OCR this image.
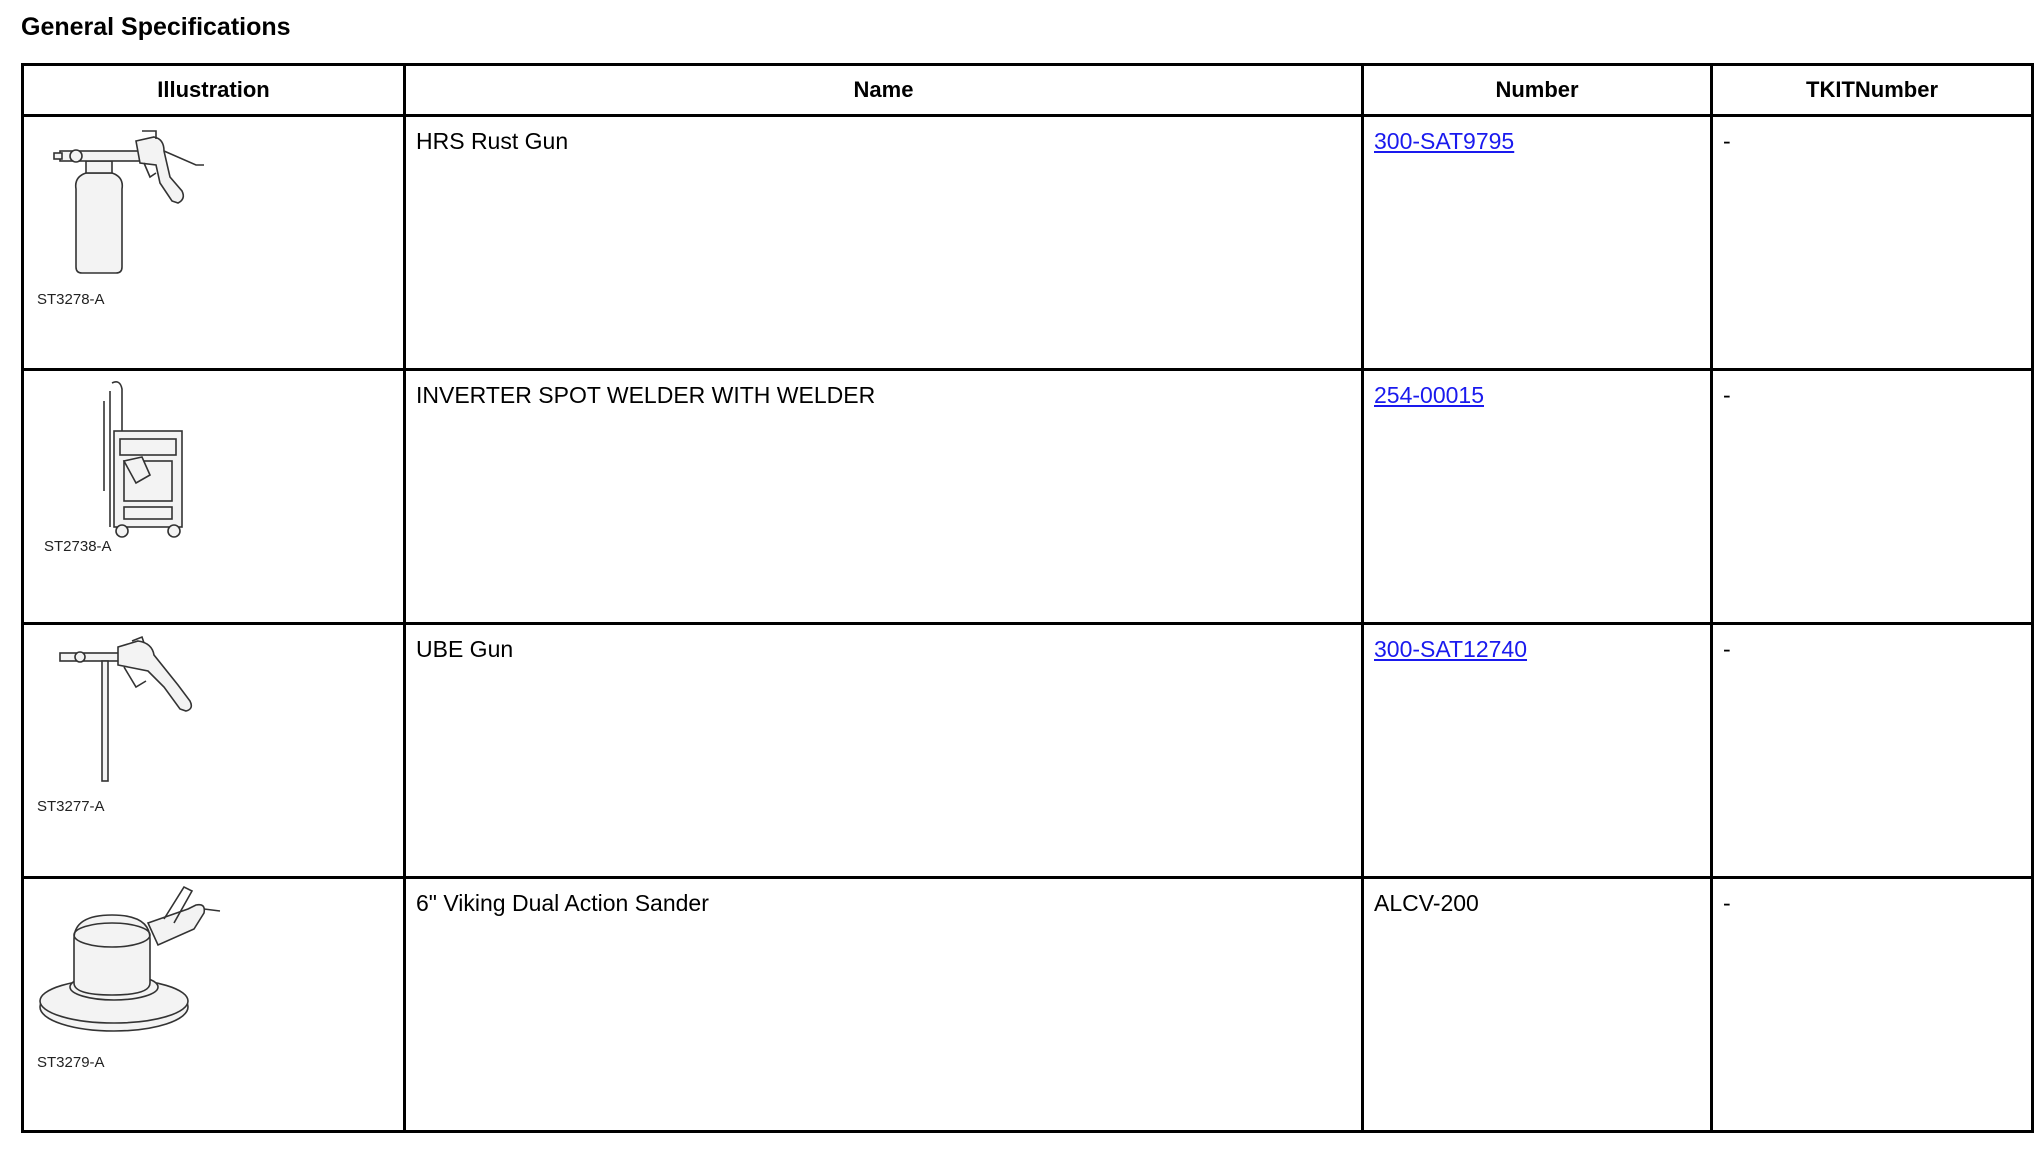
General Specifications
Illustration	Name	Number	TKITNumber

ST3278-A	HRS Rust Gun	300-SAT9795	-

ST2738-A	INVERTER SPOT WELDER WITH WELDER	254-00015	-

ST3277-A	UBE Gun	300-SAT12740	-

ST3279-A	6" Viking Dual Action Sander	ALCV-200	-
